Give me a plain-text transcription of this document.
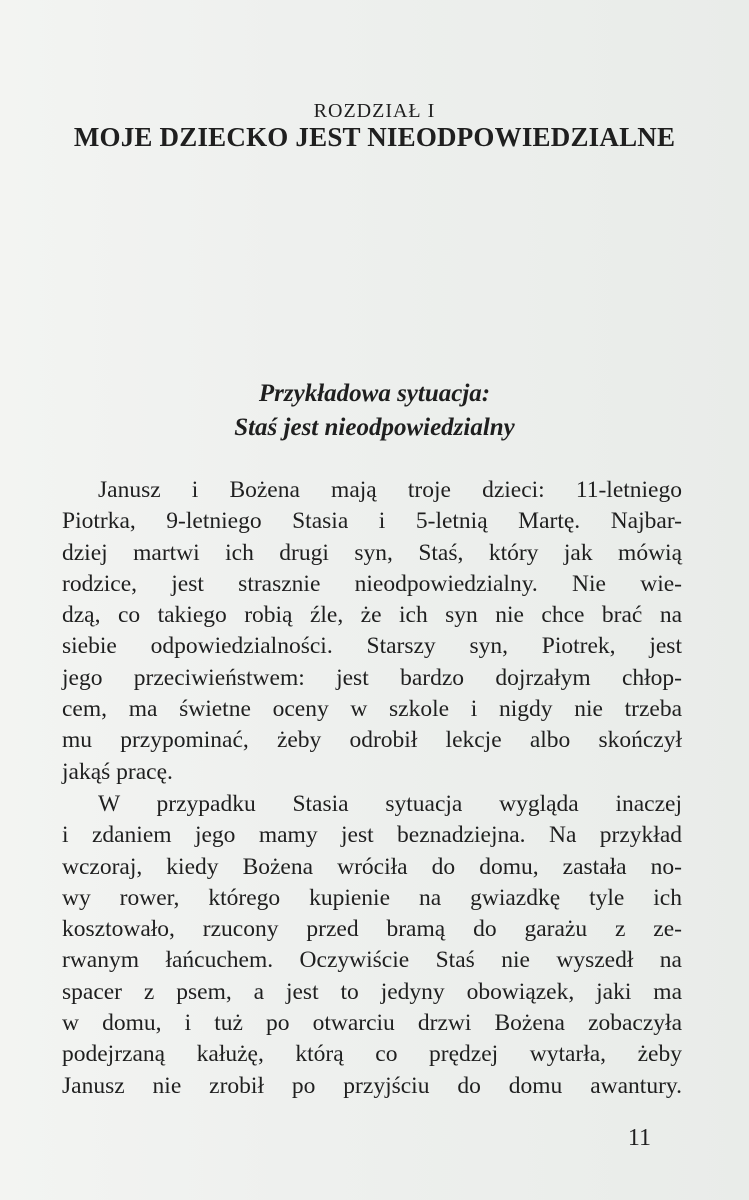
ROZDZIAŁ I
MOJE DZIECKO JEST NIEODPOWIEDZIALNE
Przykładowa sytuacja:
Staś jest nieodpowiedzialny
Janusz i Bożena mają troje dzieci: 11-letniego
Piotrka, 9-letniego Stasia i 5-letnią Martę. Najbar-
dziej martwi ich drugi syn, Staś, który jak mówią
rodzice, jest strasznie nieodpowiedzialny. Nie wie-
dzą, co takiego robią źle, że ich syn nie chce brać na
siebie odpowiedzialności. Starszy syn, Piotrek, jest
jego przeciwieństwem: jest bardzo dojrzałym chłop-
cem, ma świetne oceny w szkole i nigdy nie trzeba
mu przypominać, żeby odrobił lekcje albo skończył
jakąś pracę.
W przypadku Stasia sytuacja wygląda inaczej
i zdaniem jego mamy jest beznadziejna. Na przykład
wczoraj, kiedy Bożena wróciła do domu, zastała no-
wy rower, którego kupienie na gwiazdkę tyle ich
kosztowało, rzucony przed bramą do garażu z ze-
rwanym łańcuchem. Oczywiście Staś nie wyszedł na
spacer z psem, a jest to jedyny obowiązek, jaki ma
w domu, i tuż po otwarciu drzwi Bożena zobaczyła
podejrzaną kałużę, którą co prędzej wytarła, żeby
Janusz nie zrobił po przyjściu do domu awantury.
11
